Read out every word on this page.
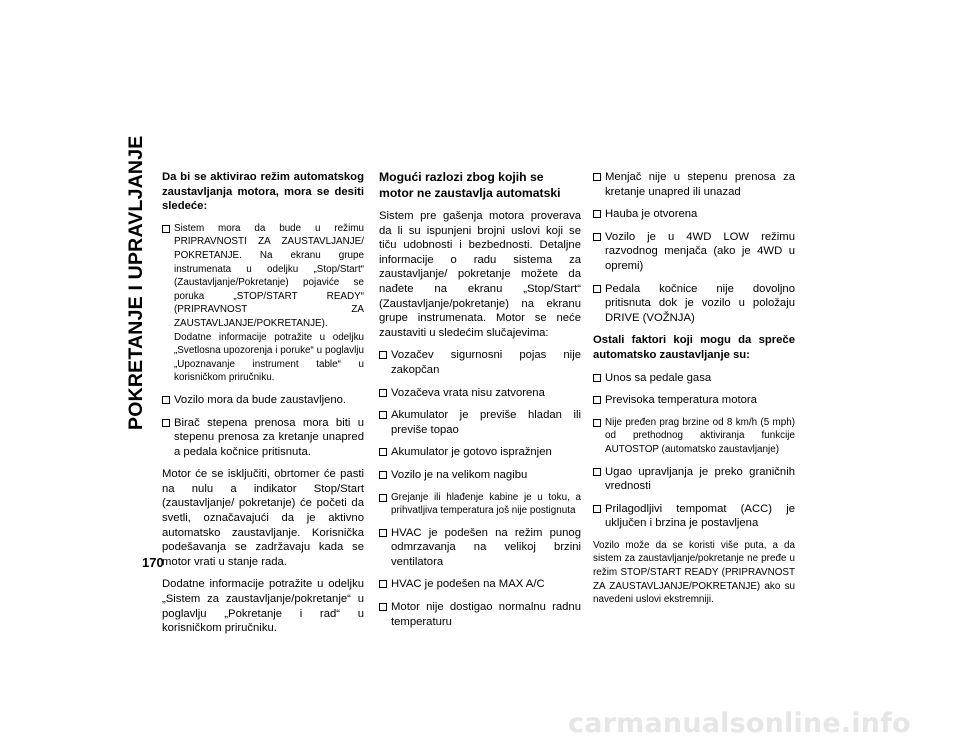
POKRETANJE I UPRAVLJANJE
170

Da bi se aktivirao režim automatskog zaustavljanja motora, mora se desiti sledeće:

Sistem mora da bude u režimu PRIPRAVNOSTI ZA ZAUSTAVLJANJE/ POKRETANJE. Na ekranu grupe instrumenata u odeljku „Stop/Start“ (Zaustavljanje/Pokretanje) pojaviće se poruka „STOP/START READY“ (PRIPRAVNOST ZA ZAUSTAVLJANJE/POKRETANJE). Dodatne informacije potražite u odeljku „Svetlosna upozorenja i poruke“ u poglavlju „Upoznavanje instrument table“ u korisničkom priručniku.
Vozilo mora da bude zaustavljeno.
Birač stepena prenosa mora biti u stepenu prenosa za kretanje unapred a pedala kočnice pritisnuta.

Motor će se isključiti, obrtomer će pasti na nulu a indikator Stop/Start (zaustavljanje/ pokretanje) će početi da svetli, označavajući da je aktivno automatsko zaustavljanje. Korisnička podešavanja se zadržavaju kada se motor vrati u stanje rada.

Dodatne informacije potražite u odeljku „Sistem za zaustavljanje/pokretanje“ u poglavlju „Pokretanje i rad“ u korisničkom priručniku.

Mogući razlozi zbog kojih se motor ne zaustavlja automatski

Sistem pre gašenja motora proverava da li su ispunjeni brojni uslovi koji se tiču udobnosti i bezbednosti. Detaljne informacije o radu sistema za zaustavljanje/ pokretanje možete da nađete na ekranu „Stop/Start“ (Zaustavljanje/pokretanje) na ekranu grupe instrumenata. Motor se neće zaustaviti u sledećim slučajevima:

Vozačev sigurnosni pojas nije zakopčan
Vozačeva vrata nisu zatvorena
Akumulator je previše hladan ili previše topao
Akumulator je gotovo ispražnjen
Vozilo je na velikom nagibu
Grejanje ili hlađenje kabine je u toku, a prihvatljiva temperatura još nije postignuta
HVAC je podešen na režim punog odmrzavanja na velikoj brzini ventilatora
HVAC je podešen na MAX A/C
Motor nije dostigao normalnu radnu temperaturu
Menjač nije u stepenu prenosa za kretanje unapred ili unazad
Hauba je otvorena
Vozilo je u 4WD LOW režimu razvodnog menjača (ako je 4WD u opremi)
Pedala kočnice nije dovoljno pritisnuta dok je vozilo u položaju DRIVE (VOŽNJA)

Ostali faktori koji mogu da spreče automatsko zaustavljanje su:

Unos sa pedale gasa
Previsoka temperatura motora
Nije pređen prag brzine od 8 km/h (5 mph) od prethodnog aktiviranja funkcije AUTOSTOP (automatsko zaustavljanje)
Ugao upravljanja je preko graničnih vrednosti
Prilagodljivi tempomat (ACC) je uključen i brzina je postavljena

Vozilo može da se koristi više puta, a da sistem za zaustavljanje/pokretanje ne pređe u režim STOP/START READY (PRIPRAVNOST ZA ZAUSTAVLJANJE/POKRETANJE) ako su navedeni uslovi ekstremniji.

carmanualsonline.info
